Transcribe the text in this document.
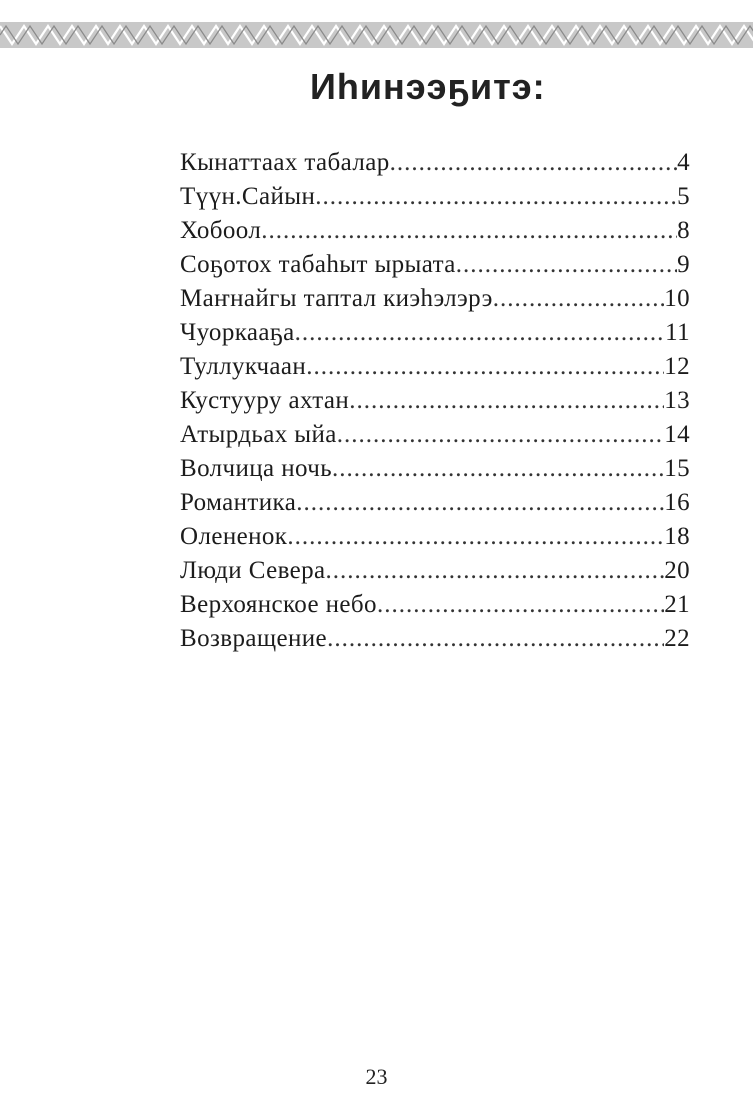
Иһинээҕитэ:
Кынаттаах табалар .....	4
Түүн.Сайын .....	5
Хобоол .....	8
Соҕотох табаһыт ырыата .....	9
Маҥнайгы таптал киэһэлэрэ .....	10
Чуоркааҕа .....	11
Туллукчаан .....	12
Кустууру ахтан .....	13
Атырдьах ыйа .....	14
Волчица ночь .....	15
Романтика .....	16
Олененок .....	18
Люди Севера .....	20
Верхоянское небо .....	21
Возвращение .....	22
23
